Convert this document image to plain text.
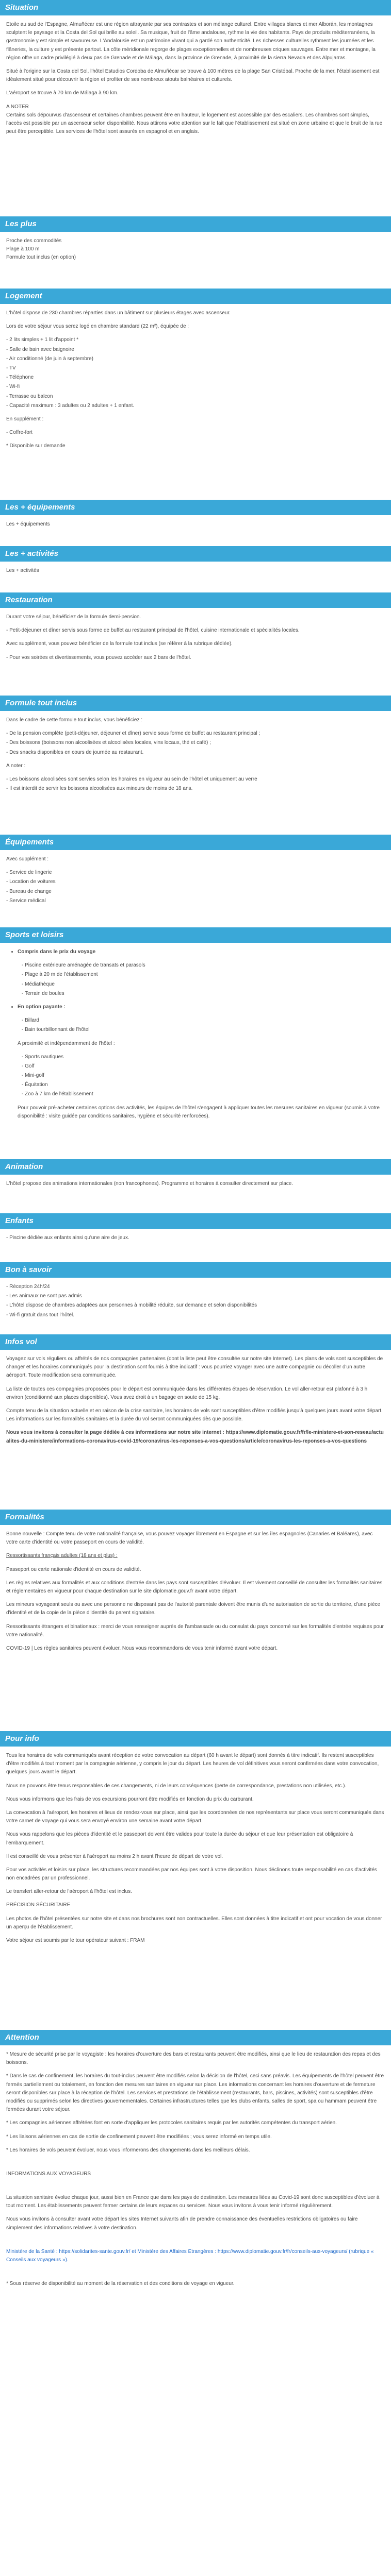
Situation

Etoile au sud de l'Espagne, Almuñécar est une région attrayante par ses contrastes et son mélange culturel. Entre villages blancs et mer Alborán, les montagnes sculptent le paysage et la Costa del Sol qui brille au soleil. Sa musique, fruit de l'âme andalouse, rythme la vie des habitants. Pays de produits méditerranéens, la gastronomie y est simple et savoureuse. L'Andalousie est un patrimoine vivant qui a gardé son authenticité. Les richesses culturelles rythment les journées et les flâneries, la culture y est présente partout. La côte méridionale regorge de plages exceptionnelles et de nombreuses criques sauvages. Entre mer et montagne, la région offre un cadre privilégié à deux pas de Grenade et de Málaga, dans la province de Grenade, à proximité de la sierra Nevada et des Alpujarras.

Situé à l'origine sur la Costa del Sol, l'hôtel Estudios Cordoba de Almuñécar se trouve à 100 mètres de la plage San Cristóbal. Proche de la mer, l'établissement est idéalement situé pour découvrir la région et profiter de ses nombreux atouts balnéaires et culturels.

L'aéroport se trouve à 70 km de Málaga à 90 km.

A NOTER
Certains sols dépourvus d'ascenseur et certaines chambres peuvent être en hauteur, le logement est accessible par des escaliers. Les chambres sont simples, l'accès est possible par un ascenseur selon disponibilité. Nous attirons votre attention sur le fait que l'établissement est situé en zone urbaine et que le bruit de la rue peut être perceptible. Les services de l'hôtel sont assurés en espagnol et en anglais.

Les plus
Proche des commodités
Plage à 100 m
Formule tout inclus (en option)
Logement

L'hôtel dispose de 230 chambres réparties dans un bâtiment sur plusieurs étages avec ascenseur.

Lors de votre séjour vous serez logé en chambre standard (22 m²), équipée de :

- 2 lits simples + 1 lit d'appoint *
- Salle de bain avec baignoire
- Air conditionné (de juin à septembre)
- TV
- Téléphone
- Wi-fi
- Terrasse ou balcon
- Capacité maximum : 3 adultes ou 2 adultes + 1 enfant.

En supplément :

- Coffre-fort

* Disponible sur demande

Les + équipements

Les + équipements

Les + activités

Les + activités

Restauration

Durant votre séjour, bénéficiez de la formule demi-pension.

- Petit-déjeuner et dîner servis sous forme de buffet au restaurant principal de l'hôtel, cuisine internationale et spécialités locales.

Avec supplément, vous pouvez bénéficier de la formule tout inclus (se référer à la rubrique dédiée).

- Pour vos soirées et divertissements, vous pouvez accéder aux 2 bars de l'hôtel.

Formule tout inclus

Dans le cadre de cette formule tout inclus, vous bénéficiez :

- De la pension complète (petit-déjeuner, déjeuner et dîner) servie sous forme de buffet au restaurant principal ;
- Des boissons (boissons non alcoolisées et alcoolisées locales, vins locaux, thé et café) ;
- Des snacks disponibles en cours de journée au restaurant.

A noter :

- Les boissons alcoolisées sont servies selon les horaires en vigueur au sein de l'hôtel et uniquement au verre
- Il est interdit de servir les boissons alcoolisées aux mineurs de moins de 18 ans.
Équipements

Avec supplément :

- Service de lingerie
- Location de voitures
- Bureau de change
- Service médical
Sports et loisirs
• Compris dans le prix du voyage
- Piscine extérieure aménagée de transats et parasols
- Plage à 20 m de l'établissement
- Médiathèque
- Terrain de boules
• En option payante :
- Billard
- Bain tourbillonnant de l'hôtel

A proximité et indépendamment de l'hôtel :

- Sports nautiques
- Golf
- Mini-golf
- Équitation
- Zoo à 7 km de l'établissement

Pour pouvoir pré-acheter certaines options des activités, les équipes de l'hôtel s'engagent à appliquer toutes les mesures sanitaires en vigueur (soumis à votre disponibilité : visite guidée par conditions sanitaires, hygiène et sécurité renforcées).

Animation

L'hôtel propose des animations internationales (non francophones). Programme et horaires à consulter directement sur place.

Enfants

- Piscine dédiée aux enfants ainsi qu'une aire de jeux.

Bon à savoir
- Réception 24h/24
- Les animaux ne sont pas admis
- L'hôtel dispose de chambres adaptées aux personnes à mobilité réduite, sur demande et selon disponibilités
- Wi-fi gratuit dans tout l'hôtel.
Infos vol

Voyagez sur vols réguliers ou affrétés de nos compagnies partenaires (dont la liste peut être consultée sur notre site Internet). Les plans de vols sont susceptibles de changer et les horaires communiqués pour la destination sont fournis à titre indicatif : vous pourriez voyager avec une autre compagnie ou décoller d'un autre aéroport. Toute modification sera communiquée.

La liste de toutes ces compagnies proposées pour le départ est communiquée dans les différentes étapes de réservation. Le vol aller-retour est plafonné à 3 h environ (conditionné aux places disponibles). Vous avez droit à un bagage en soute de 15 kg.

Compte tenu de la situation actuelle et en raison de la crise sanitaire, les horaires de vols sont susceptibles d'être modifiés jusqu'à quelques jours avant votre départ. Les informations sur les formalités sanitaires et la durée du vol seront communiquées dès que possible.

Nous vous invitons à consulter la page dédiée à ces informations sur notre site internet : https://www.diplomatie.gouv.fr/fr/le-ministere-et-son-reseau/actualites-du-ministere/informations-coronavirus-covid-19/coronavirus-les-reponses-a-vos-questions/article/coronavirus-les-reponses-a-vos-questions

Formalités

Bonne nouvelle : Compte tenu de votre nationalité française, vous pouvez voyager librement en Espagne et sur les îles espagnoles (Canaries et Baléares), avec votre carte d'identité ou votre passeport en cours de validité.

Ressortissants français adultes (18 ans et plus) :

Passeport ou carte nationale d'identité en cours de validité.

Les règles relatives aux formalités et aux conditions d'entrée dans les pays sont susceptibles d'évoluer. Il est vivement conseillé de consulter les formalités sanitaires et réglementaires en vigueur pour chaque destination sur le site diplomatie.gouv.fr avant votre départ.

Les mineurs voyageant seuls ou avec une personne ne disposant pas de l'autorité parentale doivent être munis d'une autorisation de sortie du territoire, d'une pièce d'identité et de la copie de la pièce d'identité du parent signataire.

Ressortissants étrangers et binationaux : merci de vous renseigner auprès de l'ambassade ou du consulat du pays concerné sur les formalités d'entrée requises pour votre nationalité.

COVID-19 | Les règles sanitaires peuvent évoluer. Nous vous recommandons de vous tenir informé avant votre départ.

Pour info

Tous les horaires de vols communiqués avant réception de votre convocation au départ (60 h avant le départ) sont donnés à titre indicatif. Ils restent susceptibles d'être modifiés à tout moment par la compagnie aérienne, y compris le jour du départ. Les heures de vol définitives vous seront confirmées dans votre convocation, quelques jours avant le départ.

Nous ne pouvons être tenus responsables de ces changements, ni de leurs conséquences (perte de correspondance, prestations non utilisées, etc.).

Nous vous informons que les frais de vos excursions pourront être modifiés en fonction du prix du carburant.

La convocation à l'aéroport, les horaires et lieux de rendez-vous sur place, ainsi que les coordonnées de nos représentants sur place vous seront communiqués dans votre carnet de voyage qui vous sera envoyé environ une semaine avant votre départ.

Nous vous rappelons que les pièces d'identité et le passeport doivent être valides pour toute la durée du séjour et que leur présentation est obligatoire à l'embarquement.

Il est conseillé de vous présenter à l'aéroport au moins 2 h avant l'heure de départ de votre vol.

Pour vos activités et loisirs sur place, les structures recommandées par nos équipes sont à votre disposition. Nous déclinons toute responsabilité en cas d'activités non encadrées par un professionnel.

Le transfert aller-retour de l'aéroport à l'hôtel est inclus.

PRÉCISION SÉCURITAIRE

Les photos de l'hôtel présentées sur notre site et dans nos brochures sont non contractuelles. Elles sont données à titre indicatif et ont pour vocation de vous donner un aperçu de l'établissement.

Votre séjour est soumis par le tour opérateur suivant : FRAM

Attention

* Mesure de sécurité prise par le voyagiste : les horaires d'ouverture des bars et restaurants peuvent être modifiés, ainsi que le lieu de restauration des repas et des boissons.

* Dans le cas de confinement, les horaires du tout-inclus peuvent être modifiés selon la décision de l'hôtel, ceci sans préavis. Les équipements de l'hôtel peuvent être fermés partiellement ou totalement, en fonction des mesures sanitaires en vigueur sur place. Les informations concernant les horaires d'ouverture et de fermeture seront disponibles sur place à la réception de l'hôtel. Les services et prestations de l'établissement (restaurants, bars, piscines, activités) sont susceptibles d'être modifiés ou supprimés selon les directives gouvernementales. Certaines infrastructures telles que les clubs enfants, salles de sport, spa ou hammam peuvent être fermées durant votre séjour.

* Les compagnies aériennes affrétées font en sorte d'appliquer les protocoles sanitaires requis par les autorités compétentes du transport aérien.

* Les liaisons aériennes en cas de sortie de confinement peuvent être modifiées ; vous serez informé en temps utile.

* Les horaires de vols peuvent évoluer, nous vous informerons des changements dans les meilleurs délais.

INFORMATIONS AUX VOYAGEURS

La situation sanitaire évolue chaque jour, aussi bien en France que dans les pays de destination. Les mesures liées au Covid-19 sont donc susceptibles d'évoluer à tout moment. Les établissements peuvent fermer certains de leurs espaces ou services. Nous vous invitons à vous tenir informé régulièrement.

Nous vous invitons à consulter avant votre départ les sites Internet suivants afin de prendre connaissance des éventuelles restrictions obligatoires ou faire simplement des informations relatives à votre destination.

Ministère de la Santé : https://solidarites-sante.gouv.fr/ et Ministère des Affaires Etrangères : https://www.diplomatie.gouv.fr/fr/conseils-aux-voyageurs/ (rubrique « Conseils aux voyageurs »).

* Sous réserve de disponibilité au moment de la réservation et des conditions de voyage en vigueur.
